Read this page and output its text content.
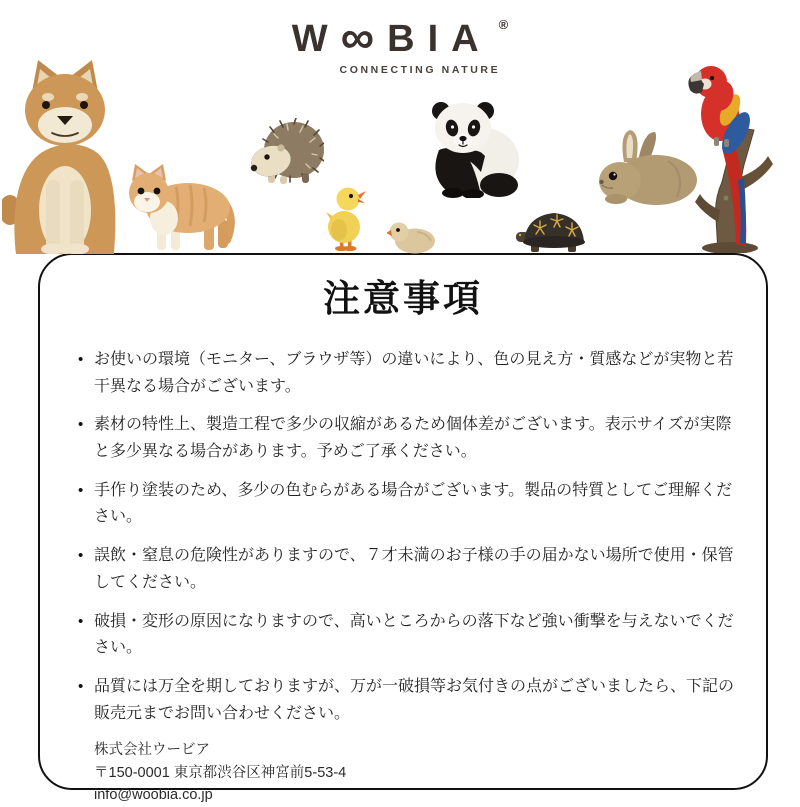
W ∞ BIA ®
CONNECTING NATURE
注意事項
• お使いの環境（モニター、ブラウザ等）の違いにより、色の見え方・質感などが実物と若干異なる場合がございます。
• 素材の特性上、製造工程で多少の収縮があるため個体差がございます。表示サイズが実際と多少異なる場合があります。予めご了承ください。
• 手作り塗装のため、多少の色むらがある場合がございます。製品の特質としてご理解ください。
• 誤飲・窒息の危険性がありますので、７才未満のお子様の手の届かない場所で使用・保管してください。
• 破損・変形の原因になりますので、高いところからの落下など強い衝撃を与えないでください。
• 品質には万全を期しておりますが、万が一破損等お気付きの点がございましたら、下記の販売元までお問い合わせください。
株式会社ウービア
〒150-0001 東京都渋谷区神宮前5-53-4
info@woobia.co.jp
